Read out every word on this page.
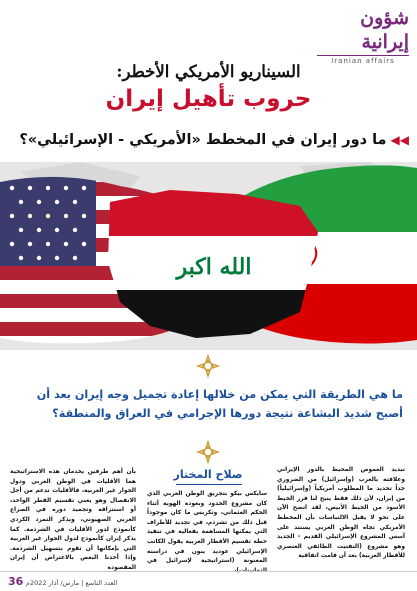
شؤون إيرانية
Iranian affairs
السيناريو الأمريكي الأخطر:
حروب تأهيل إيران
◀◀ما دور إيران في المخطط «الأمريكي - الإسرائيلي»؟
الله اكبر
ما هي الطريقة التي يمكن من خلالها إعادة تجميل وجه إيران بعد أن أصبح شديد البشاعة نتيجة دورها الإجرامي في العراق والمنطقة؟
صلاح المختار	تبديد الغموض المحيط بالدور الإيراني وعلاقته بالغرب (وإسرائيل) من الضروري جداً تحديد ما المطلوب أمريكياً (وإسرائيلياً) من إيران، لأن ذلك فقط يتيح لنا فرز الخيط الأسود من الخيط الأبيض، لقد اتضح الآن على نحو لا يقبل الالتباسات بأن المخطط الأمريكي تجاه الوطن العربي يستند على أسس المشروع الإسرائيلي القديم - الجديد وهو مشروع (التفتيت الطائفي العنصري للأقطار العربية) بعد أن قامت اتفاقية
سايكس بيكو بتجزيق الوطن العربي الذي كان مشروع الحدود وبعودة الهوية أثناء الحكم العثماني، وتكريس ما كان موجوداً قبل ذلك من تشرذم، في تجديد للأطراف التي يمكنها المساهمة بفعالية في تنفيذ خطة تقسيم الأقطار العربية يقول الكاتب الإسرائيلي عوديد ينون في دراسته المعنونة (استراتيجية لإسرائيل في الثمانينات)،
بأن أهم طرفين يخدمان هذه الاستراتيجية هما الأقليات في الوطن العربي ودول الجوار غير العربية، فالأقليات تدعم من أجل الانفصال وهو يعني تقسيم القطر الواحد، أو استنزافه وتجميد دوره في الصراع العربي الصهيوني، ويذكر التمرد الكردي كأنموذج لدور الأقليات في الشرذمة. كما يذكر إيران كأنموذج لدول الجوار غير العربية التي بإمكانها أن تقوم بتسهيل الشرذمة. وإذا أخذنا البعض بالاعتراض أن إيران المقصودة
36 العدد التاسع | مارس/ آذار 2022م
